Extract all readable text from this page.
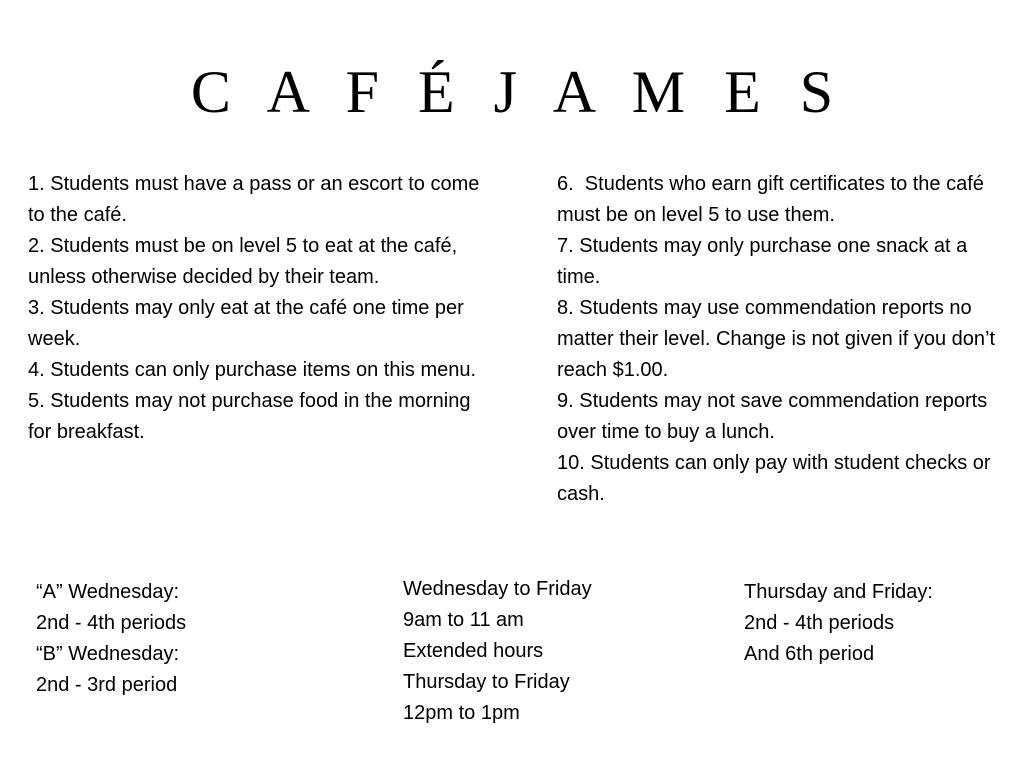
C A F É J A M E S

1. Students must have a pass or an escort to come to the café.

2. Students must be on level 5 to eat at the café, unless otherwise decided by their team.

3. Students may only eat at the café one time per week.

4. Students can only purchase items on this menu.

5. Students may not purchase food in the morning for breakfast.

6.  Students who earn gift certificates to the café must be on level 5 to use them.

7. Students may only purchase one snack at a time.

8. Students may use commendation reports no matter their level. Change is not given if you don’t reach $1.00.

9. Students may not save commendation reports over time to buy a lunch.

10. Students can only pay with student checks or cash.

“A” Wednesday:
2nd - 4th periods
“B” Wednesday:
2nd - 3rd period
Wednesday to Friday
9am to 11 am
Extended hours
Thursday to Friday
12pm to 1pm
Thursday and Friday:
2nd - 4th periods
And 6th period
